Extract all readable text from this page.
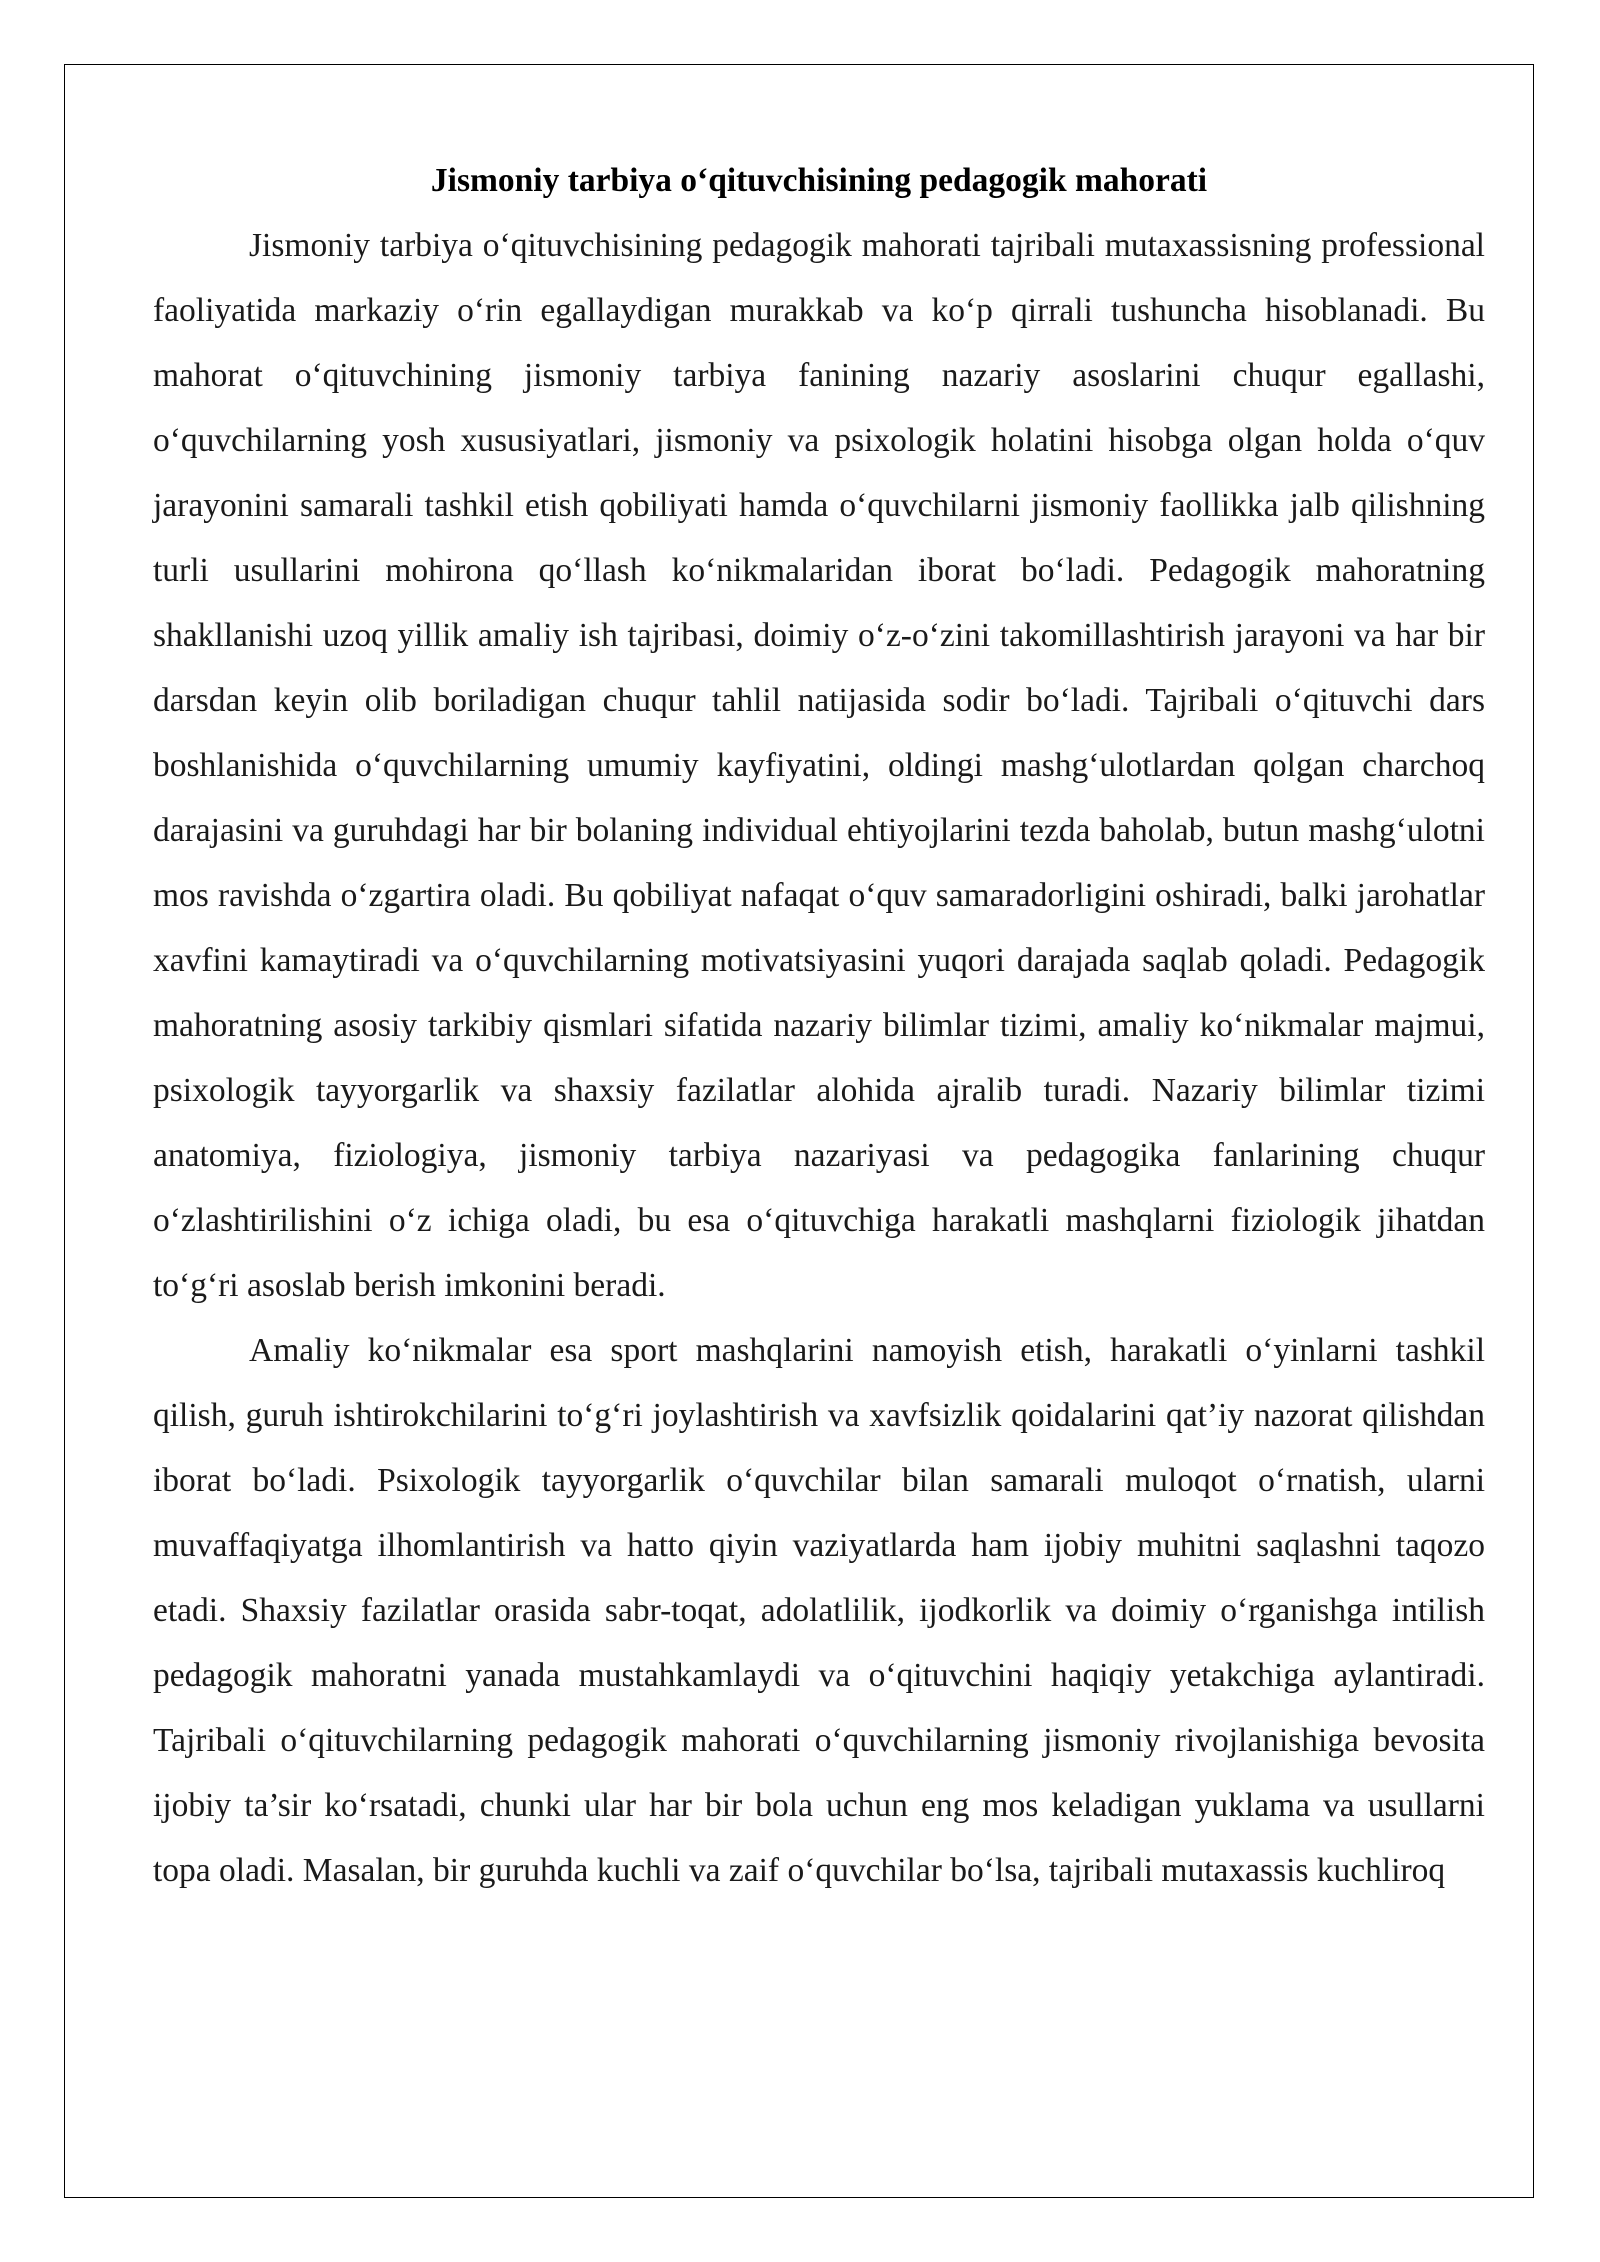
Jismoniy tarbiya o‘qituvchisining pedagogik mahorati

Jismoniy tarbiya o‘qituvchisining pedagogik mahorati tajribali mutaxassisning professional faoliyatida markaziy o‘rin egallaydigan murakkab va ko‘p qirrali tushuncha hisoblanadi. Bu mahorat o‘qituvchining jismoniy tarbiya fanining nazariy asoslarini chuqur egallashi, o‘quvchilarning yosh xususiyatlari, jismoniy va psixologik holatini hisobga olgan holda o‘quv jarayonini samarali tashkil etish qobiliyati hamda o‘quvchilarni jismoniy faollikka jalb qilishning turli usullarini mohirona qo‘llash ko‘nikmalaridan iborat bo‘ladi. Pedagogik mahoratning shakllanishi uzoq yillik amaliy ish tajribasi, doimiy o‘z-o‘zini takomillashtirish jarayoni va har bir darsdan keyin olib boriladigan chuqur tahlil natijasida sodir bo‘ladi. Tajribali o‘qituvchi dars boshlanishida o‘quvchilarning umumiy kayfiyatini, oldingi mashg‘ulotlardan qolgan charchoq darajasini va guruhdagi har bir bolaning individual ehtiyojlarini tezda baholab, butun mashg‘ulotni mos ravishda o‘zgartira oladi. Bu qobiliyat nafaqat o‘quv samaradorligini oshiradi, balki jarohatlar xavfini kamaytiradi va o‘quvchilarning motivatsiyasini yuqori darajada saqlab qoladi. Pedagogik mahoratning asosiy tarkibiy qismlari sifatida nazariy bilimlar tizimi, amaliy ko‘nikmalar majmui, psixologik tayyorgarlik va shaxsiy fazilatlar alohida ajralib turadi. Nazariy bilimlar tizimi anatomiya, fiziologiya, jismoniy tarbiya nazariyasi va pedagogika fanlarining chuqur o‘zlashtirilishini o‘z ichiga oladi, bu esa o‘qituvchiga harakatli mashqlarni fiziologik jihatdan to‘g‘ri asoslab berish imkonini beradi.

Amaliy ko‘nikmalar esa sport mashqlarini namoyish etish, harakatli o‘yinlarni tashkil qilish, guruh ishtirokchilarini to‘g‘ri joylashtirish va xavfsizlik qoidalarini qat’iy nazorat qilishdan iborat bo‘ladi. Psixologik tayyorgarlik o‘quvchilar bilan samarali muloqot o‘rnatish, ularni muvaffaqiyatga ilhomlantirish va hatto qiyin vaziyatlarda ham ijobiy muhitni saqlashni taqozo etadi. Shaxsiy fazilatlar orasida sabr-toqat, adolatlilik, ijodkorlik va doimiy o‘rganishga intilish pedagogik mahoratni yanada mustahkamlaydi va o‘qituvchini haqiqiy yetakchiga aylantiradi. Tajribali o‘qituvchilarning pedagogik mahorati o‘quvchilarning jismoniy rivojlanishiga bevosita ijobiy ta’sir ko‘rsatadi, chunki ular har bir bola uchun eng mos keladigan yuklama va usullarni topa oladi. Masalan, bir guruhda kuchli va zaif o‘quvchilar bo‘lsa, tajribali mutaxassis kuchliroq
